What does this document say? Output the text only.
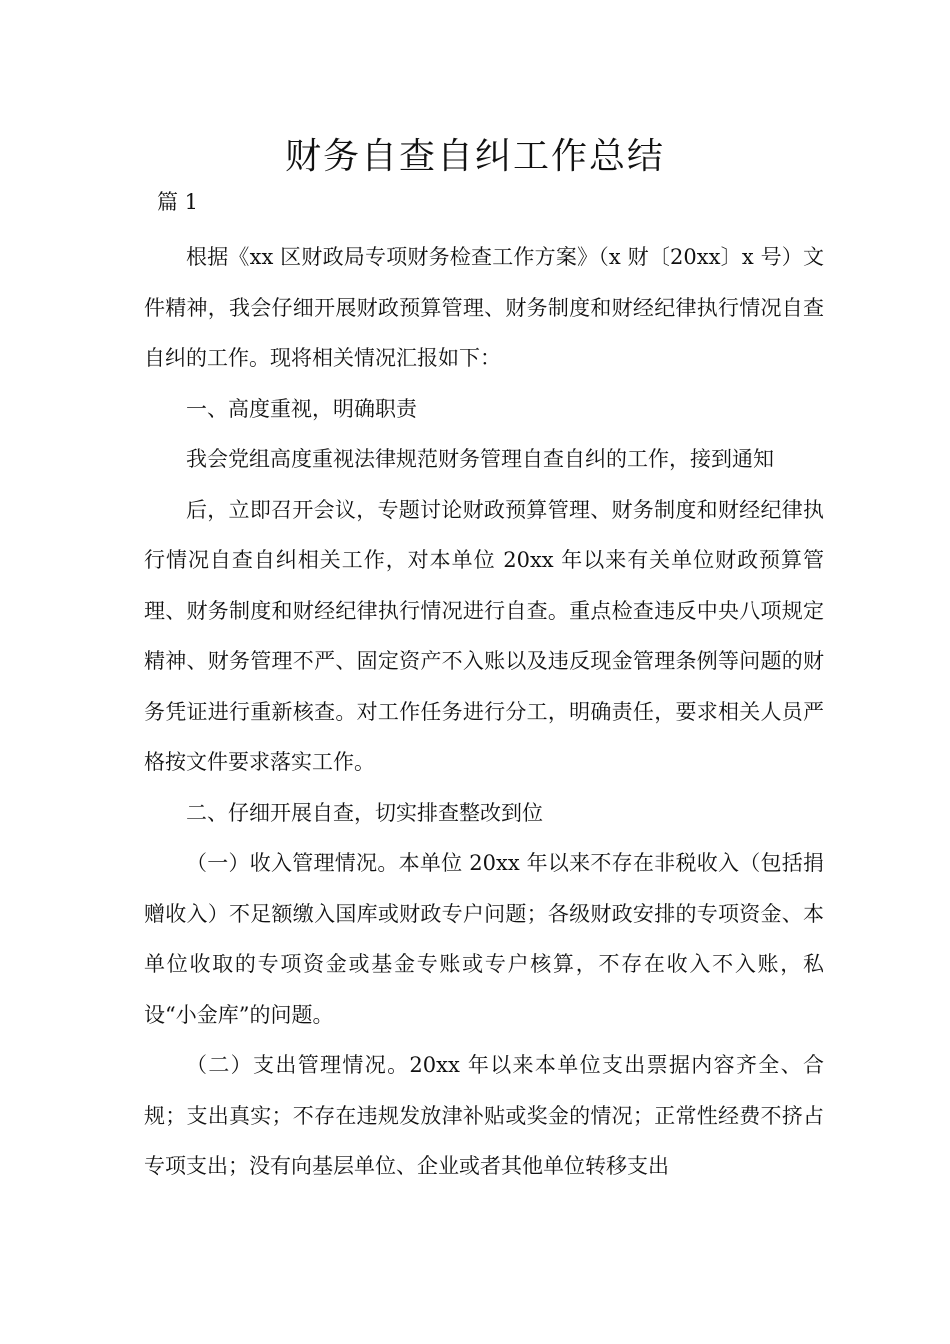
财务自查自纠工作总结
篇 1

根据《xx 区财政局专项财务检查工作方案》（x 财〔20xx〕x 号）文件精神，我会仔细开展财政预算管理、财务制度和财经纪律执行情况自查自纠的工作。现将相关情况汇报如下：

一、高度重视，明确职责

我会党组高度重视法律规范财务管理自查自纠的工作，接到通知

后，立即召开会议，专题讨论财政预算管理、财务制度和财经纪律执行情况自查自纠相关工作，对本单位 20xx 年以来有关单位财政预算管理、财务制度和财经纪律执行情况进行自查。重点检查违反中央八项规定精神、财务管理不严、固定资产不入账以及违反现金管理条例等问题的财务凭证进行重新核查。对工作任务进行分工，明确责任，要求相关人员严格按文件要求落实工作。

二、仔细开展自查，切实排查整改到位

（一）收入管理情况。本单位 20xx 年以来不存在非税收入（包括捐赠收入）不足额缴入国库或财政专户问题；各级财政安排的专项资金、本单位收取的专项资金或基金专账或专户核算，不存在收入不入账，私设“小金库”的问题。

（二）支出管理情况。20xx 年以来本单位支出票据内容齐全、合规；支出真实；不存在违规发放津补贴或奖金的情况；正常性经费不挤占专项支出；没有向基层单位、企业或者其他单位转移支出
